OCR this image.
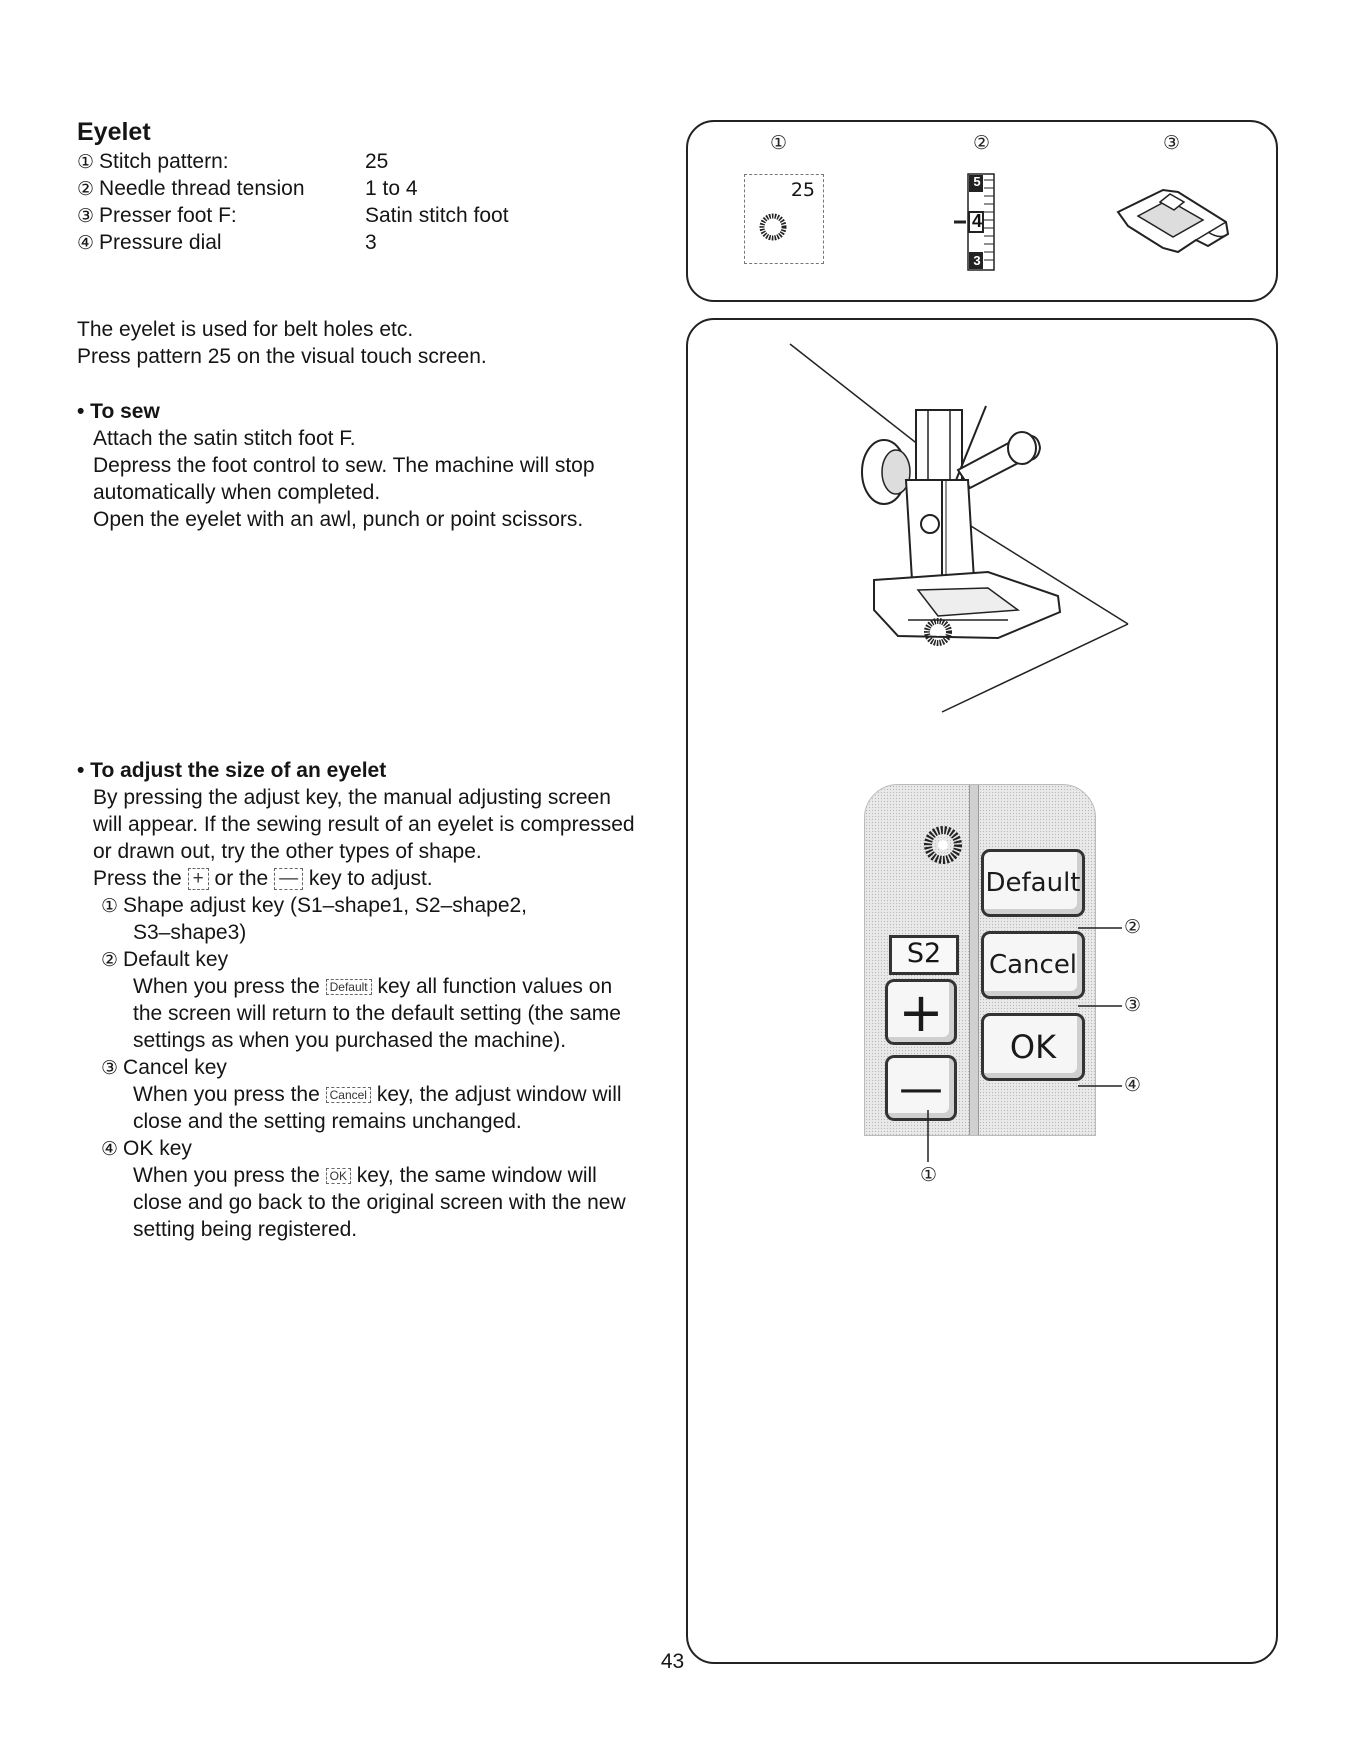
Eyelet
① Stitch pattern:	25
② Needle thread tension	1 to 4
③ Presser foot F:	Satin stitch foot
④ Pressure dial	3
The eyelet is used for belt holes etc.
Press pattern 25 on the visual touch screen.
• To sew
Attach the satin stitch foot F.
Depress the foot control to sew. The machine will stop
automatically when completed.
Open the eyelet with an awl, punch or point scissors.
• To adjust the size of an eyelet
By pressing the adjust key, the manual adjusting screen
will appear. If the sewing result of an eyelet is compressed
or drawn out, try the other types of shape.
Press the + or the — key to adjust.
① Shape adjust key (S1–shape1, S2–shape2,
S3–shape3)
② Default key
When you press the Default key all function values on
the screen will return to the default setting (the same
settings as when you purchased the machine).
③ Cancel key
When you press the Cancel key, the adjust window will
close and the setting remains unchanged.
④ OK key
When you press the OK key, the same window will
close and go back to the original screen with the new
setting being registered.
①	②	③
25	5
4
3
S2
+
—
Default
Cancel
OK
②
③
④
①
43
